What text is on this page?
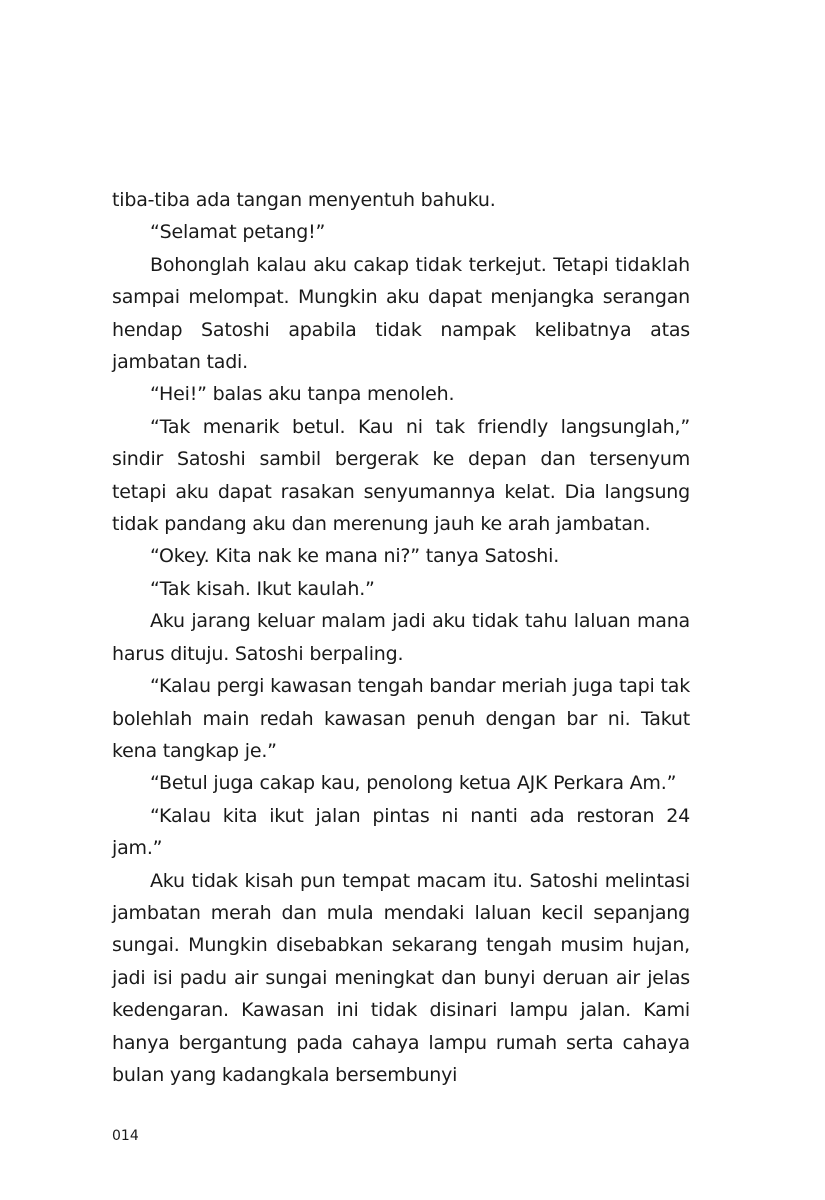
tiba-tiba ada tangan menyentuh bahuku.

“Selamat petang!”

Bohonglah kalau aku cakap tidak terkejut. Tetapi tidaklah sampai melompat. Mungkin aku dapat menjangka serangan hendap Satoshi apabila tidak nampak kelibatnya atas jambatan tadi.

“Hei!” balas aku tanpa menoleh.

“Tak menarik betul. Kau ni tak friendly langsunglah,” sindir Satoshi sambil bergerak ke depan dan tersenyum tetapi aku dapat rasakan senyumannya kelat. Dia langsung tidak pandang aku dan merenung jauh ke arah jambatan.

“Okey. Kita nak ke mana ni?” tanya Satoshi.

“Tak kisah. Ikut kaulah.”

Aku jarang keluar malam jadi aku tidak tahu laluan mana harus dituju. Satoshi berpaling.

“Kalau pergi kawasan tengah bandar meriah juga tapi tak bolehlah main redah kawasan penuh dengan bar ni. Takut kena tangkap je.”

“Betul juga cakap kau, penolong ketua AJK Perkara Am.”

“Kalau kita ikut jalan pintas ni nanti ada restoran 24 jam.”

Aku tidak kisah pun tempat macam itu. Satoshi melintasi jambatan merah dan mula mendaki laluan kecil sepanjang sungai. Mungkin disebabkan sekarang tengah musim hujan, jadi isi padu air sungai meningkat dan bunyi deruan air jelas kedengaran. Kawasan ini tidak disinari lampu jalan. Kami hanya bergantung pada cahaya lampu rumah serta cahaya bulan yang kadangkala bersembunyi

014
